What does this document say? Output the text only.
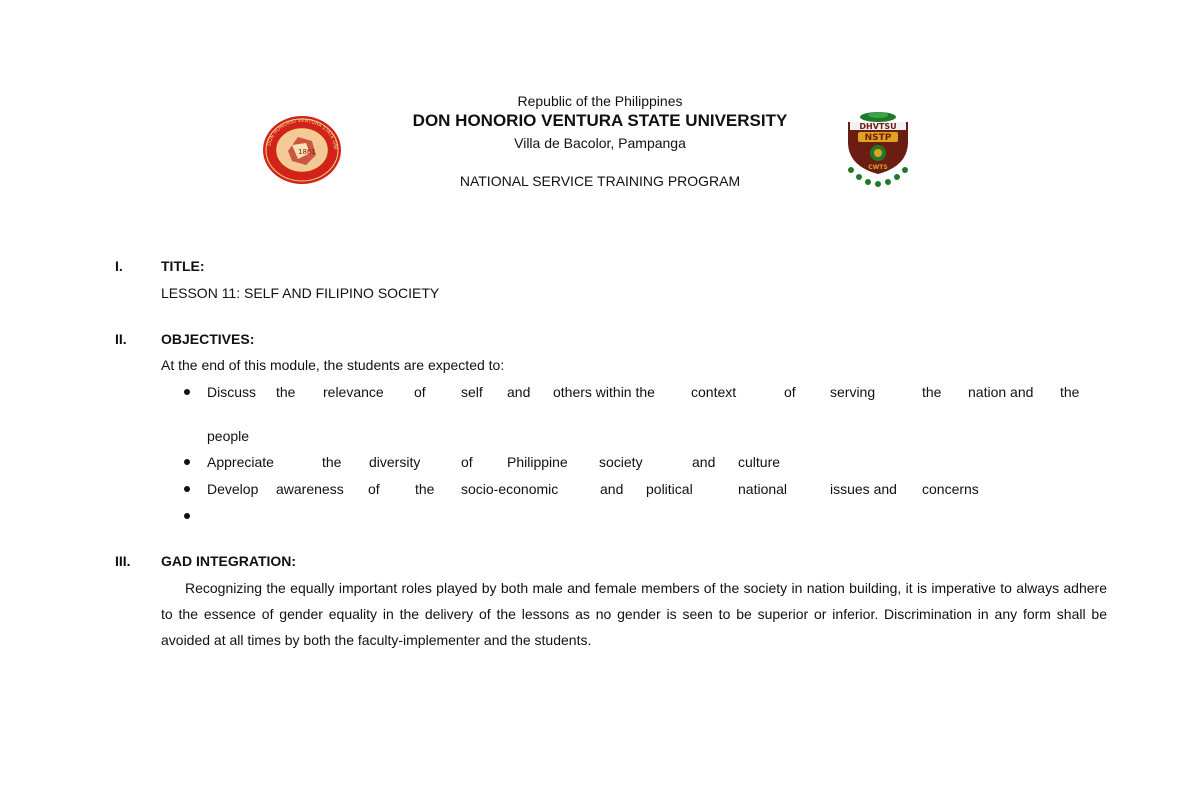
1861
DON HONORIO VENTURA STATE UNI
DHVTSU
NSTP
CWTS
Republic of the Philippines
DON HONORIO VENTURA STATE UNIVERSITY
Villa de Bacolor, Pampanga
NATIONAL SERVICE TRAINING PROGRAM
I.	TITLE:
LESSON 11: SELF AND FILIPINO SOCIETY
II. OBJECTIVES:
At the end of this module, the students are expected to:
Discuss the relevance of	self and others within the	context	of serving	the nation and the
people
Appreciate	the diversity	of Philippine society	and culture
Develop awareness of	the socio-economic	and political	national	issues and concerns
III. GAD INTEGRATION:
Recognizing the equally important roles played by both male and female members of the society in nation building, it is imperative to always adhere to the essence of gender equality in the delivery of the lessons as no gender is seen to be superior or inferior. Discrimination in any form shall be avoided at all times by both the faculty-implementer and the students.
